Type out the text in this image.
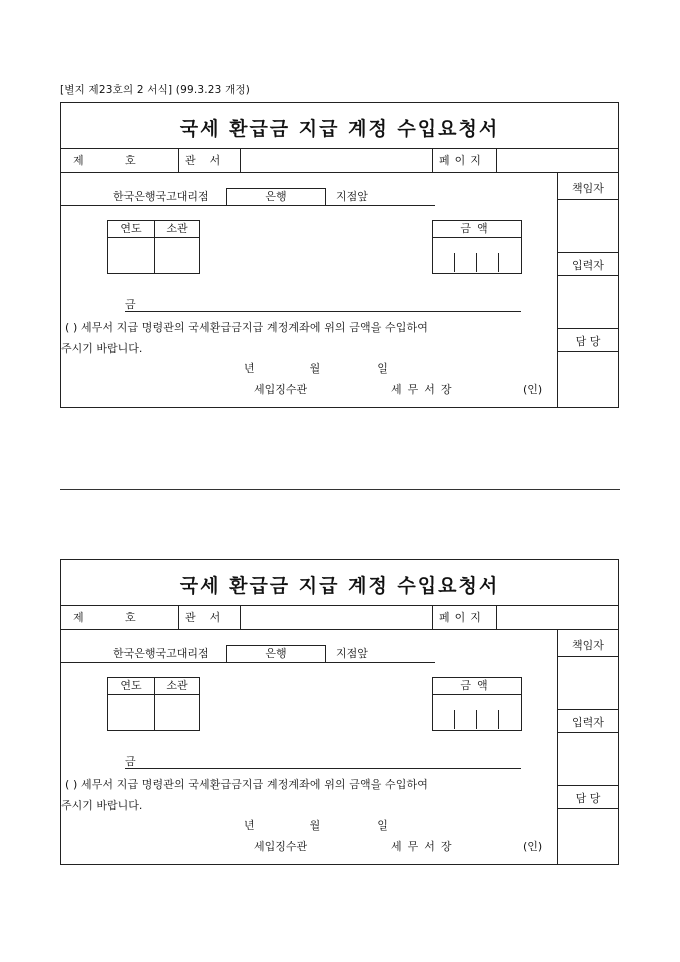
[별지 제23호의 2 서식] (99.3.23 개정)
국세 환급금 지급 계정 수입요청서
제	호	관서	페이지
한국은행국고대리점	은행	지점앞
연도	소관	금액
금
( ) 세무서 지급 명령관의 국세환급금지급 계정계좌에 위의 금액을 수입하여
주시기 바랍니다.
년	월	일
세입징수관	세무서장	(인)
책임자
입력자
담 당
국세 환급금 지급 계정 수입요청서
제	호	관서	페이지
한국은행국고대리점	은행	지점앞
연도	소관	금액
금
( ) 세무서 지급 명령관의 국세환급금지급 계정계좌에 위의 금액을 수입하여
주시기 바랍니다.
년	월	일
세입징수관	세무서장	(인)
책임자
입력자
담 당
